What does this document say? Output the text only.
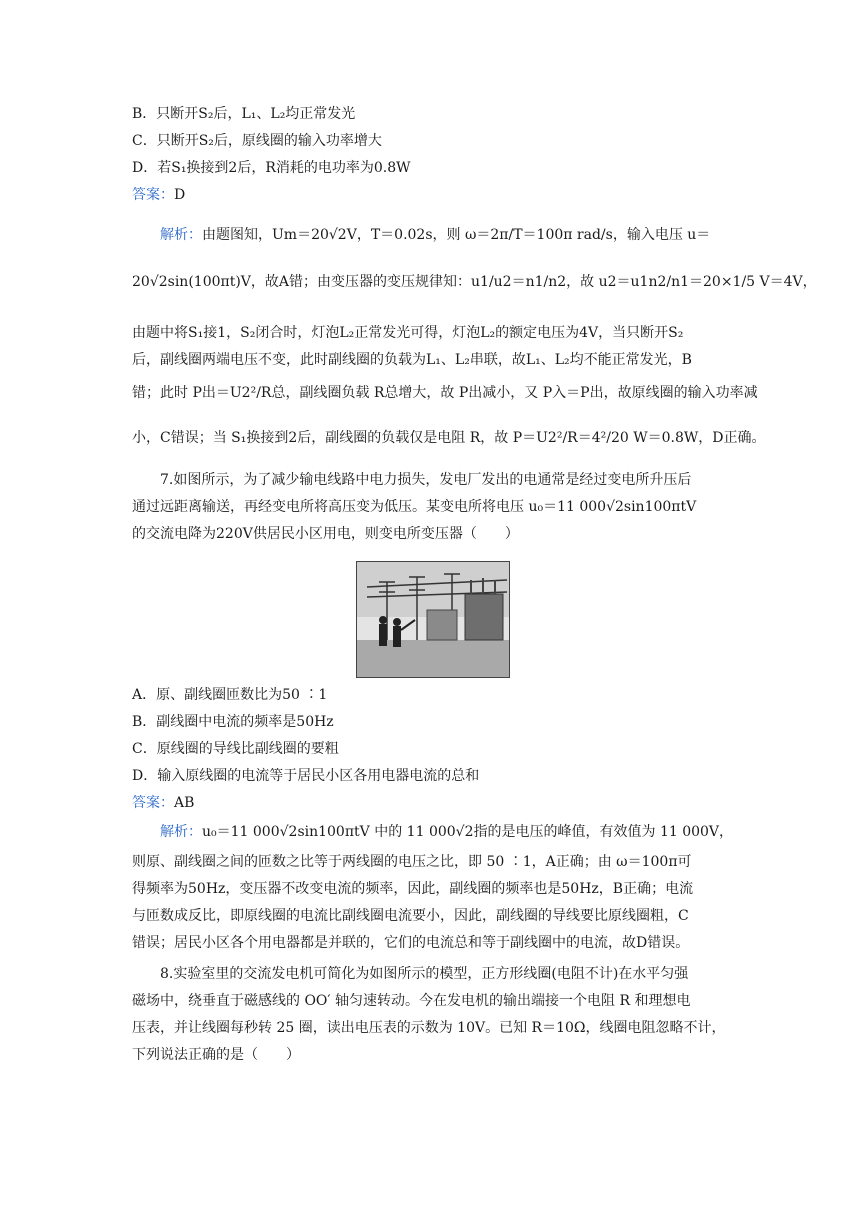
B．只断开S₂后，L₁、L₂均正常发光
C．只断开S₂后，原线圈的输入功率增大
D．若S₁换接到2后，R消耗的电功率为0.8W
答案：D
解析：由题图知，Um＝20√2V，T＝0.02s，则 ω＝2π/T＝100π rad/s，输入电压 u＝
20√2sin(100πt)V，故A错；由变压器的变压规律知：u1/u2＝n1/n2，故 u2＝u1n2/n1＝20×1/5 V＝4V，
由题中将S₁接1，S₂闭合时，灯泡L₂正常发光可得，灯泡L₂的额定电压为4V，当只断开S₂
后，副线圈两端电压不变，此时副线圈的负载为L₁、L₂串联，故L₁、L₂均不能正常发光，B
错；此时 P出＝U2²/R总，副线圈负载 R总增大，故 P出减小，又 P入＝P出，故原线圈的输入功率减
小，C错误；当 S₁换接到2后，副线圈的负载仅是电阻 R，故 P＝U2²/R＝4²/20 W＝0.8W，D正确。
7.如图所示，为了减少输电线路中电力损失，发电厂发出的电通常是经过变电所升压后
通过远距离输送，再经变电所将高压变为低压。某变电所将电压 u₀＝11 000√2sin100πtV
的交流电降为220V供居民小区用电，则变电所变压器（　　）
A．原、副线圈匝数比为50 ∶1
B．副线圈中电流的频率是50Hz
C．原线圈的导线比副线圈的要粗
D．输入原线圈的电流等于居民小区各用电器电流的总和
答案：AB
解析：u₀＝11 000√2sin100πtV 中的 11 000√2指的是电压的峰值，有效值为 11 000V，
则原、副线圈之间的匝数之比等于两线圈的电压之比，即 50 ∶1，A正确；由 ω＝100π可
得频率为50Hz，变压器不改变电流的频率，因此，副线圈的频率也是50Hz，B正确；电流
与匝数成反比，即原线圈的电流比副线圈电流要小，因此，副线圈的导线要比原线圈粗，C
错误；居民小区各个用电器都是并联的，它们的电流总和等于副线圈中的电流，故D错误。
8.实验室里的交流发电机可简化为如图所示的模型，正方形线圈(电阻不计)在水平匀强
磁场中，绕垂直于磁感线的 OO′ 轴匀速转动。今在发电机的输出端接一个电阻 R 和理想电
压表，并让线圈每秒转 25 圈，读出电压表的示数为 10V。已知 R＝10Ω，线圈电阻忽略不计，
下列说法正确的是（　　）
